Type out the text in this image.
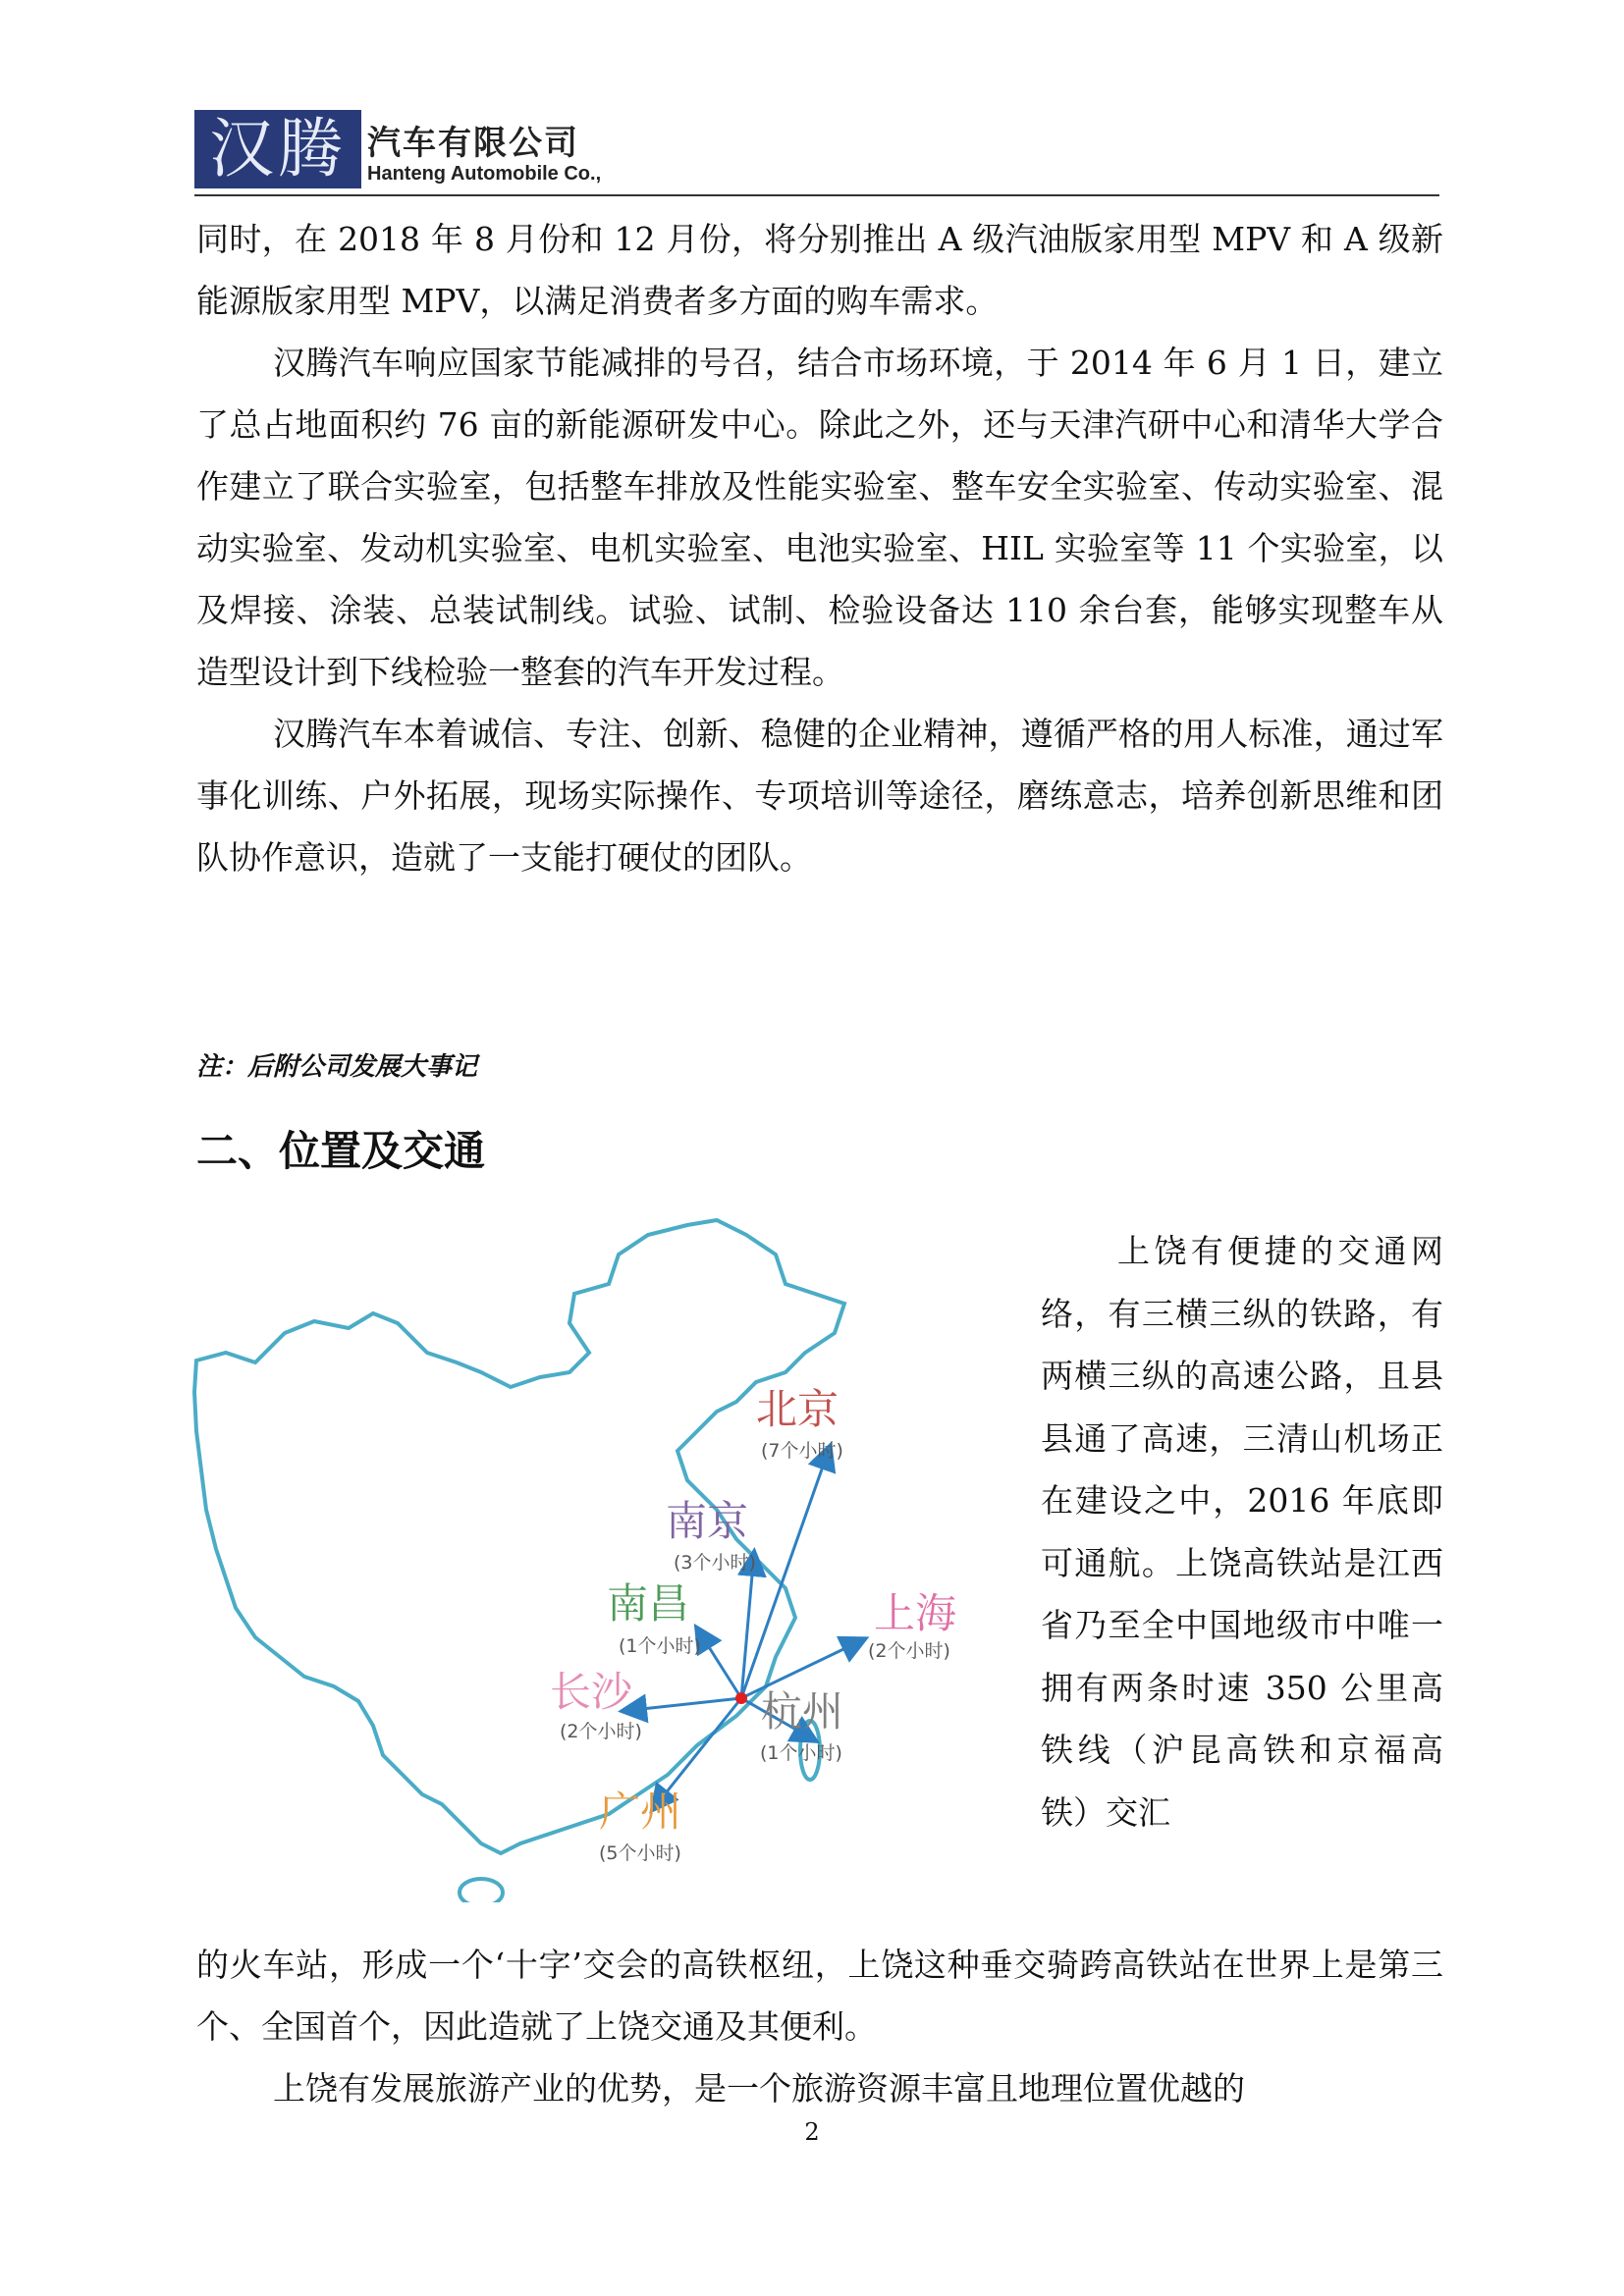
汉腾 汽车有限公司
Hanteng Automobile Co.,

同时，在 2018 年 8 月份和 12 月份，将分别推出 A 级汽油版家用型 MPV 和 A 级新能源版家用型 MPV，以满足消费者多方面的购车需求。

汉腾汽车响应国家节能减排的号召，结合市场环境，于 2014 年 6 月 1 日，建立了总占地面积约 76 亩的新能源研发中心。除此之外，还与天津汽研中心和清华大学合作建立了联合实验室，包括整车排放及性能实验室、整车安全实验室、传动实验室、混动实验室、发动机实验室、电机实验室、电池实验室、HIL 实验室等 11 个实验室，以及焊接、涂装、总装试制线。试验、试制、检验设备达 110 余台套，能够实现整车从造型设计到下线检验一整套的汽车开发过程。

汉腾汽车本着诚信、专注、创新、稳健的企业精神，遵循严格的用人标准，通过军事化训练、户外拓展，现场实际操作、专项培训等途径，磨练意志，培养创新思维和团队协作意识，造就了一支能打硬仗的团队。

注：后附公司发展大事记
二、位置及交通
北京
(7个小时)
南京
(3个小时)
南昌
(1个小时)
上海
(2个小时)
长沙
(2个小时)	杭州
(1个小时)
广州
(5个小时)

上饶有便捷的交通网络，有三横三纵的铁路，有两横三纵的高速公路，且县县通了高速，三清山机场正在建设之中，2016 年底即可通航。上饶高铁站是江西省乃至全中国地级市中唯一拥有两条时速 350 公里高铁线（沪昆高铁和京福高铁）交汇

的火车站，形成一个‘十字’交会的高铁枢纽，上饶这种垂交骑跨高铁站在世界上是第三个、全国首个，因此造就了上饶交通及其便利。

上饶有发展旅游产业的优势，是一个旅游资源丰富且地理位置优越的

2
